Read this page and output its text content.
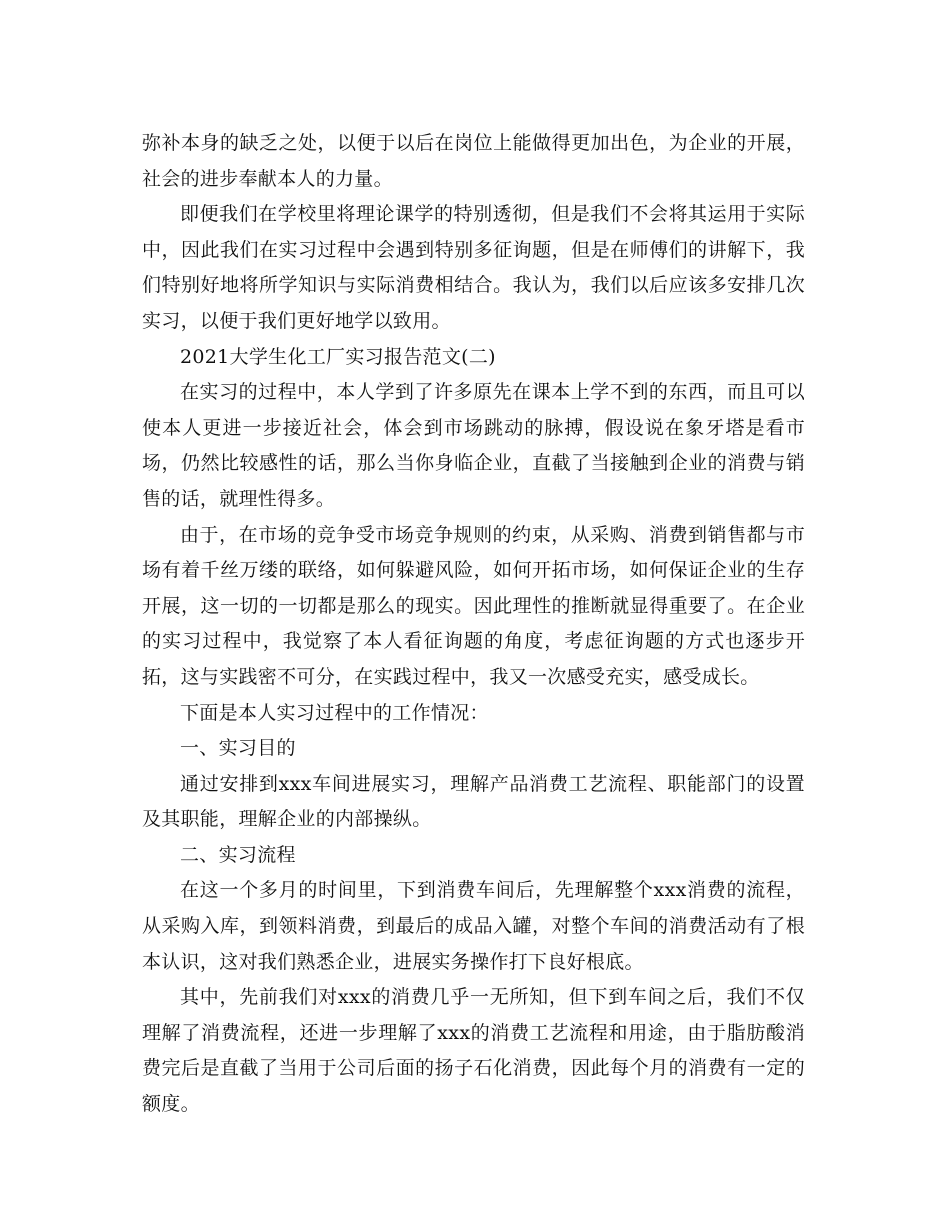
弥补本身的缺乏之处，以便于以后在岗位上能做得更加出色，为企业的开展，社会的进步奉献本人的力量。

即便我们在学校里将理论课学的特别透彻，但是我们不会将其运用于实际中，因此我们在实习过程中会遇到特别多征询题，但是在师傅们的讲解下，我们特别好地将所学知识与实际消费相结合。我认为，我们以后应该多安排几次实习，以便于我们更好地学以致用。

2021大学生化工厂实习报告范文(二)

在实习的过程中，本人学到了许多原先在课本上学不到的东西，而且可以使本人更进一步接近社会，体会到市场跳动的脉搏，假设说在象牙塔是看市场，仍然比较感性的话，那么当你身临企业，直截了当接触到企业的消费与销售的话，就理性得多。

由于，在市场的竞争受市场竞争规则的约束，从采购、消费到销售都与市场有着千丝万缕的联络，如何躲避风险，如何开拓市场，如何保证企业的生存开展，这一切的一切都是那么的现实。因此理性的推断就显得重要了。在企业的实习过程中，我觉察了本人看征询题的角度，考虑征询题的方式也逐步开拓，这与实践密不可分，在实践过程中，我又一次感受充实，感受成长。

下面是本人实习过程中的工作情况：

一、实习目的

通过安排到xxx车间进展实习，理解产品消费工艺流程、职能部门的设置及其职能，理解企业的内部操纵。

二、实习流程

在这一个多月的时间里，下到消费车间后，先理解整个xxx消费的流程，从采购入库，到领料消费，到最后的成品入罐，对整个车间的消费活动有了根本认识，这对我们熟悉企业，进展实务操作打下良好根底。

其中，先前我们对xxx的消费几乎一无所知，但下到车间之后，我们不仅理解了消费流程，还进一步理解了xxx的消费工艺流程和用途，由于脂肪酸消费完后是直截了当用于公司后面的扬子石化消费，因此每个月的消费有一定的额度。
